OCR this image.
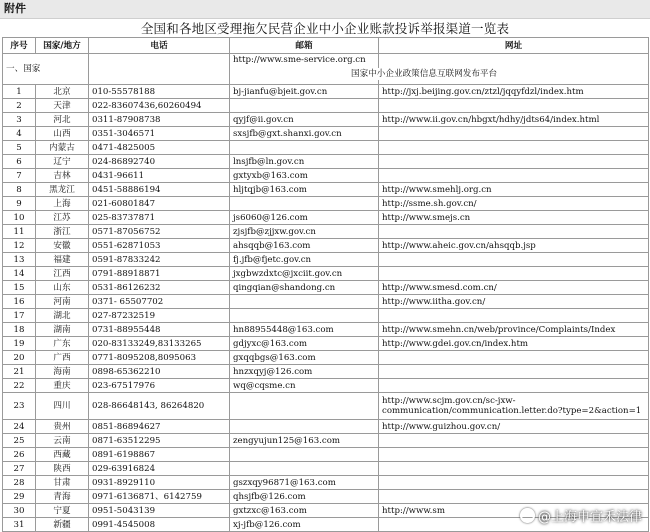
附件
全国和各地区受理拖欠民营企业中小企业账款投诉举报渠道一览表
序号	国家/地方	电话	邮箱	网址
一、国家			http://www.sme-service.org.cn	国家中小企业政策信息互联网发布平台

1	北京	010-55578188	bj-jianfu@bjeit.gov.cn	http://jxj.beijing.gov.cn/ztzl/jqqyfdzl/index.htm
2	天津	022-83607436,60260494		
3	河北	0311-87908738	qyjf@ii.gov.cn	http://www.ii.gov.cn/hbgxt/hdhy/jdts64/index.html
4	山西	0351-3046571	sxsjfb@gxt.shanxi.gov.cn	
5	内蒙古	0471-4825005		
6	辽宁	024-86892740	lnsjfb@ln.gov.cn	
7	吉林	0431-96611	gxtyxb@163.com	
8	黑龙江	0451-58886194	hljtqjb@163.com	http://www.smehlj.org.cn
9	上海	021-60801847		http://ssme.sh.gov.cn/
10	江苏	025-83737871	js6060@126.com	http://www.smejs.cn
11	浙江	0571-87056752	zjsjfb@zjjxw.gov.cn	
12	安徽	0551-62871053	ahsqqb@163.com	http://www.aheic.gov.cn/ahsqqb.jsp
13	福建	0591-87833242	fj.jfb@fjetc.gov.cn	
14	江西	0791-88918871	jxgbwzdxtc@jxciit.gov.cn	
15	山东	0531-86126232	qingqian@shandong.cn	http://www.smesd.com.cn/
16	河南	0371- 65507702		http://www.iitha.gov.cn/
17	湖北	027-87232519		
18	湖南	0731-88955448	hn88955448@163.com	http://www.smehn.cn/web/province/Complaints/Index
19	广东	020-83133249,83133265	gdjyxc@163.com	http://www.gdei.gov.cn/index.htm
20	广西	0771-8095208,8095063	gxqqbgs@163.com	
21	海南	0898-65362210	hnzxqyj@126.com	
22	重庆	023-67517976	wq@cqsme.cn	
23	四川	028-86648143, 86264820		http://www.scjm.gov.cn/sc-jxw-communication/communication.letter.do?type=2&action=1
24	贵州	0851-86894627		http://www.guizhou.gov.cn/
25	云南	0871-63512295	zengyujun125@163.com	
26	西藏	0891-6198867		
27	陕西	029-63916824		
28	甘肃	0931-8929110	gszxqy96871@163.com	
29	青海	0971-6136871、6142759	qhsjfb@126.com	
30	宁夏	0951-5043139	gxtzxc@163.com	http://www.sm
31	新疆	0991-4545008	xj-jfb@126.com		@上海申宜禾法律
